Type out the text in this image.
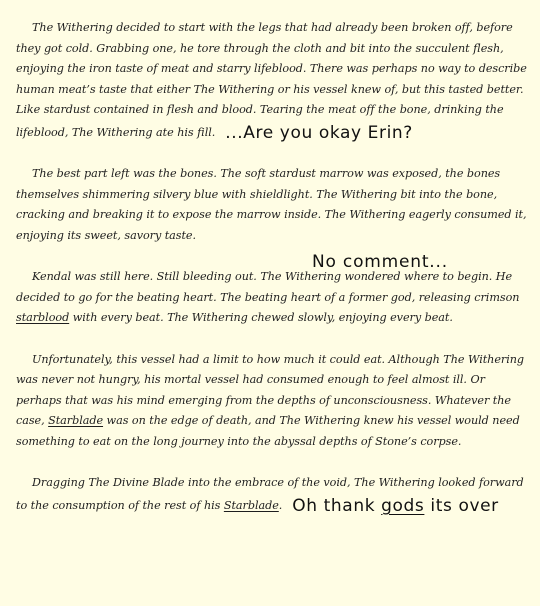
The Withering decided to start with the legs that had already been broken off, before they got cold. Grabbing one, he tore through the cloth and bit into the succulent flesh, enjoying the iron taste of meat and starry lifeblood. There was perhaps no way to describe human meat’s taste that either The Withering or his vessel knew of, but this tasted better. Like stardust contained in flesh and blood. Tearing the meat off the bone, drinking the lifeblood, The Withering ate his fill. ...Are you okay Erin?

The best part left was the bones. The soft stardust marrow was exposed, the bones themselves shimmering silvery blue with shieldlight. The Withering bit into the bone, cracking and breaking it to expose the marrow inside. The Withering eagerly consumed it, enjoying its sweet, savory taste.

Kendal was still here. Still bleeding out. The Withering wondered where to begin. He decided to go for the beating heart. The beating heart of a former god, releasing crimson starblood with every beat. The Withering chewed slowly, enjoying every beat.

Unfortunately, this vessel had a limit to how much it could eat. Although The Withering was never not hungry, his mortal vessel had consumed enough to feel almost ill. Or perhaps that was his mind emerging from the depths of unconsciousness. Whatever the case, Starblade was on the edge of death, and The Withering knew his vessel would need something to eat on the long journey into the abyssal depths of Stone’s corpse.

Dragging The Divine Blade into the embrace of the void, The Withering looked forward to the consumption of the rest of his Starblade. Oh thank gods its over

No comment...
